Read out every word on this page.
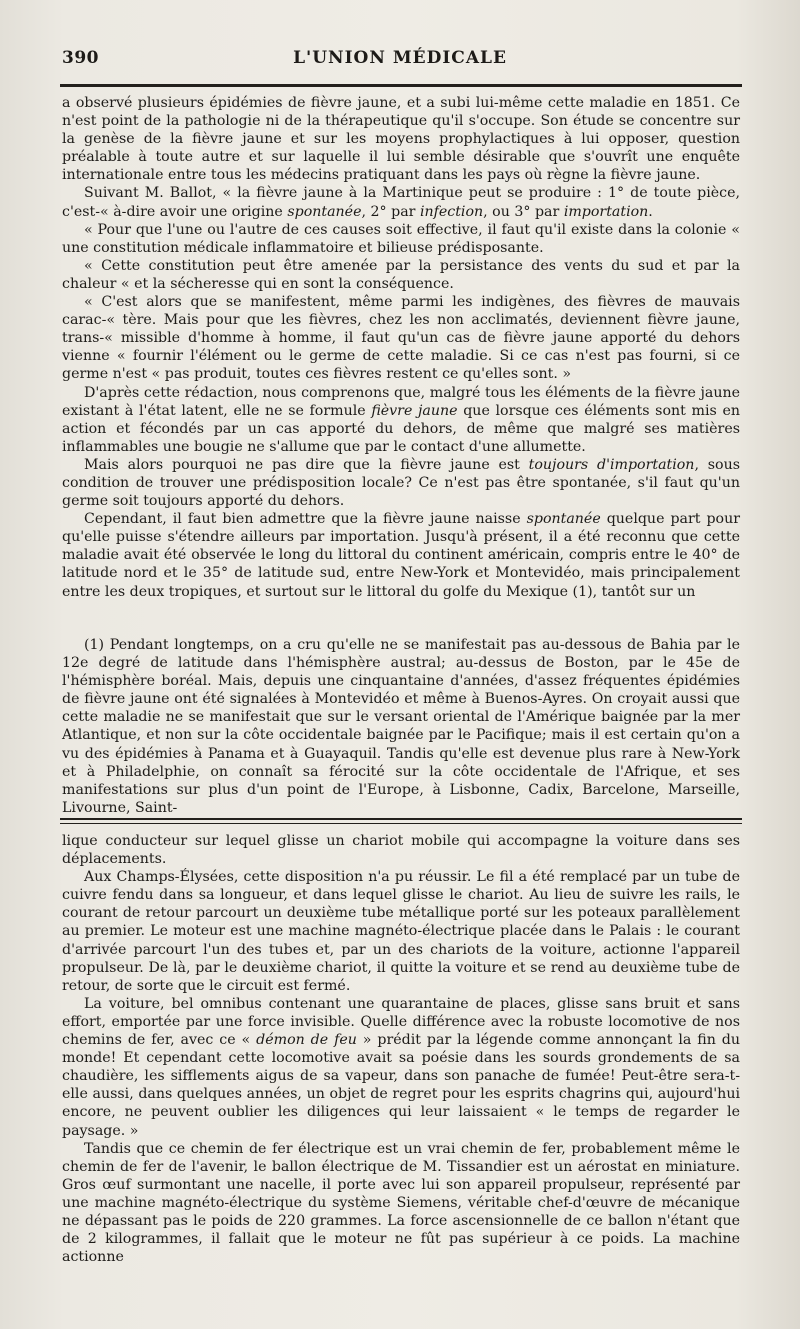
390	L'UNION MÉDICALE

a observé plusieurs épidémies de fièvre jaune, et a subi lui-même cette maladie en 1851. Ce n'est point de la pathologie ni de la thérapeutique qu'il s'occupe. Son étude se concentre sur la genèse de la fièvre jaune et sur les moyens prophylactiques à lui opposer, question préalable à toute autre et sur laquelle il lui semble désirable que s'ouvrît une enquête internationale entre tous les médecins pratiquant dans les pays où règne la fièvre jaune.

Suivant M. Ballot, « la fièvre jaune à la Martinique peut se produire : 1° de toute pièce, c'est-« à-dire avoir une origine spontanée, 2° par infection, ou 3° par importation.

« Pour que l'une ou l'autre de ces causes soit effective, il faut qu'il existe dans la colonie « une constitution médicale inflammatoire et bilieuse prédisposante.

« Cette constitution peut être amenée par la persistance des vents du sud et par la chaleur « et la sécheresse qui en sont la conséquence.

« C'est alors que se manifestent, même parmi les indigènes, des fièvres de mauvais carac-« tère. Mais pour que les fièvres, chez les non acclimatés, deviennent fièvre jaune, trans-« missible d'homme à homme, il faut qu'un cas de fièvre jaune apporté du dehors vienne « fournir l'élément ou le germe de cette maladie. Si ce cas n'est pas fourni, si ce germe n'est « pas produit, toutes ces fièvres restent ce qu'elles sont. »

D'après cette rédaction, nous comprenons que, malgré tous les éléments de la fièvre jaune existant à l'état latent, elle ne se formule fièvre jaune que lorsque ces éléments sont mis en action et fécondés par un cas apporté du dehors, de même que malgré ses matières inflammables une bougie ne s'allume que par le contact d'une allumette.

Mais alors pourquoi ne pas dire que la fièvre jaune est toujours d'importation, sous condition de trouver une prédisposition locale? Ce n'est pas être spontanée, s'il faut qu'un germe soit toujours apporté du dehors.

Cependant, il faut bien admettre que la fièvre jaune naisse spontanée quelque part pour qu'elle puisse s'étendre ailleurs par importation. Jusqu'à présent, il a été reconnu que cette maladie avait été observée le long du littoral du continent américain, compris entre le 40° de latitude nord et le 35° de latitude sud, entre New-York et Montevidéo, mais principalement entre les deux tropiques, et surtout sur le littoral du golfe du Mexique (1), tantôt sur un

(1) Pendant longtemps, on a cru qu'elle ne se manifestait pas au-dessous de Bahia par le 12e degré de latitude dans l'hémisphère austral; au-dessus de Boston, par le 45e de l'hémisphère boréal. Mais, depuis une cinquantaine d'années, d'assez fréquentes épidémies de fièvre jaune ont été signalées à Montevidéo et même à Buenos-Ayres. On croyait aussi que cette maladie ne se manifestait que sur le versant oriental de l'Amérique baignée par la mer Atlantique, et non sur la côte occidentale baignée par le Pacifique; mais il est certain qu'on a vu des épidémies à Panama et à Guayaquil. Tandis qu'elle est devenue plus rare à New-York et à Philadelphie, on connaît sa férocité sur la côte occidentale de l'Afrique, et ses manifestations sur plus d'un point de l'Europe, à Lisbonne, Cadix, Barcelone, Marseille, Livourne, Saint-

lique conducteur sur lequel glisse un chariot mobile qui accompagne la voiture dans ses déplacements.

Aux Champs-Élysées, cette disposition n'a pu réussir. Le fil a été remplacé par un tube de cuivre fendu dans sa longueur, et dans lequel glisse le chariot. Au lieu de suivre les rails, le courant de retour parcourt un deuxième tube métallique porté sur les poteaux parallèlement au premier. Le moteur est une machine magnéto-électrique placée dans le Palais : le courant d'arrivée parcourt l'un des tubes et, par un des chariots de la voiture, actionne l'appareil propulseur. De là, par le deuxième chariot, il quitte la voiture et se rend au deuxième tube de retour, de sorte que le circuit est fermé.

La voiture, bel omnibus contenant une quarantaine de places, glisse sans bruit et sans effort, emportée par une force invisible. Quelle différence avec la robuste locomotive de nos chemins de fer, avec ce « démon de feu » prédit par la légende comme annonçant la fin du monde! Et cependant cette locomotive avait sa poésie dans les sourds grondements de sa chaudière, les sifflements aigus de sa vapeur, dans son panache de fumée! Peut-être sera-t-elle aussi, dans quelques années, un objet de regret pour les esprits chagrins qui, aujourd'hui encore, ne peuvent oublier les diligences qui leur laissaient « le temps de regarder le paysage. »

Tandis que ce chemin de fer électrique est un vrai chemin de fer, probablement même le chemin de fer de l'avenir, le ballon électrique de M. Tissandier est un aérostat en miniature. Gros œuf surmontant une nacelle, il porte avec lui son appareil propulseur, représenté par une machine magnéto-électrique du système Siemens, véritable chef-d'œuvre de mécanique ne dépassant pas le poids de 220 grammes. La force ascensionnelle de ce ballon n'étant que de 2 kilogrammes, il fallait que le moteur ne fût pas supérieur à ce poids. La machine actionne
